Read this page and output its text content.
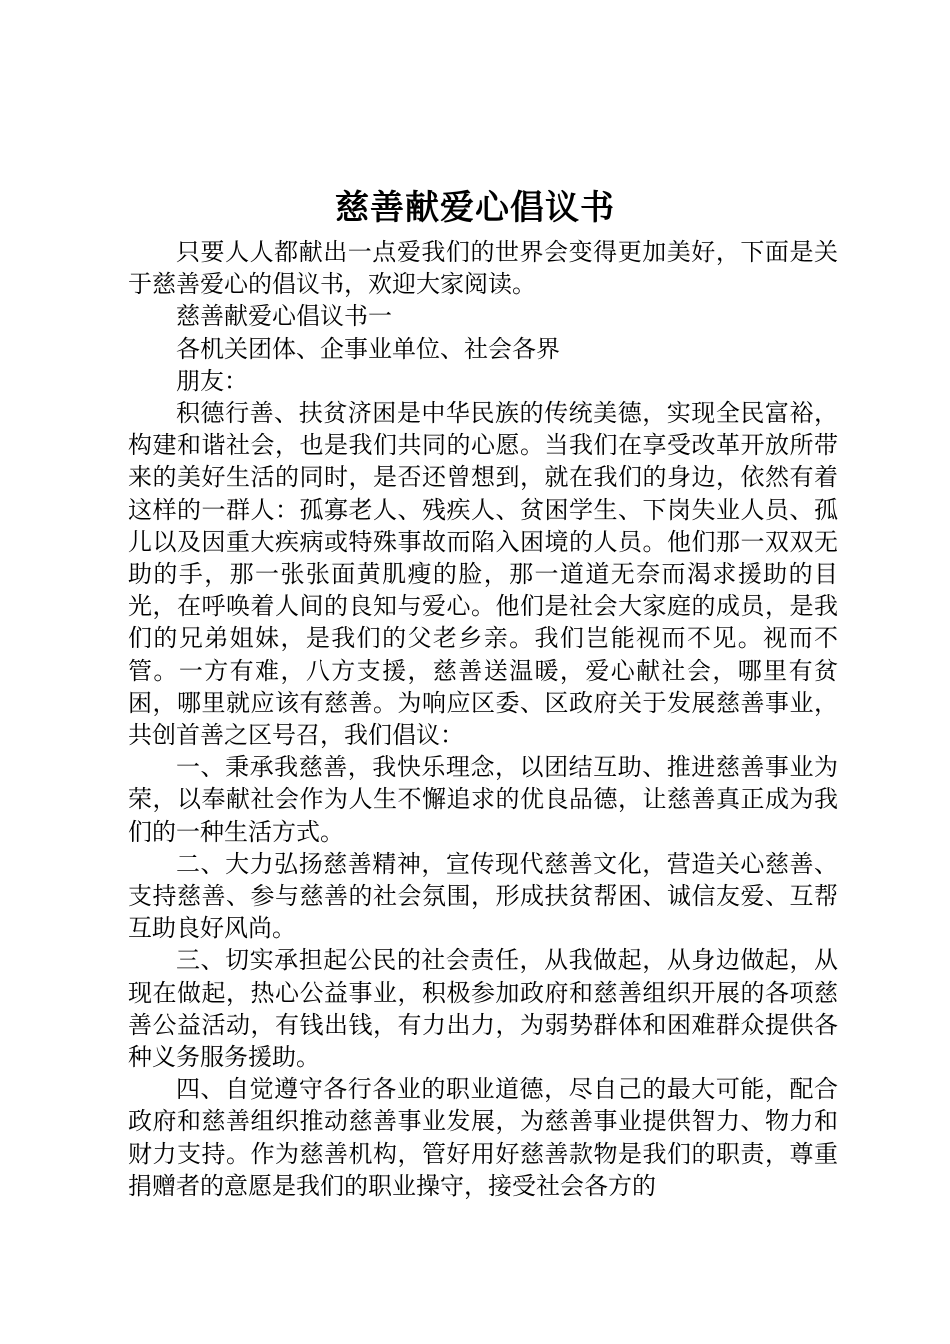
慈善献爱心倡议书

只要人人都献出一点爱我们的世界会变得更加美好，下面是关于慈善爱心的倡议书，欢迎大家阅读。

慈善献爱心倡议书一

各机关团体、企事业单位、社会各界

朋友：

积德行善、扶贫济困是中华民族的传统美德，实现全民富裕，构建和谐社会，也是我们共同的心愿。当我们在享受改革开放所带来的美好生活的同时，是否还曾想到，就在我们的身边，依然有着这样的一群人：孤寡老人、残疾人、贫困学生、下岗失业人员、孤儿以及因重大疾病或特殊事故而陷入困境的人员。他们那一双双无助的手，那一张张面黄肌瘦的脸，那一道道无奈而渴求援助的目光，在呼唤着人间的良知与爱心。他们是社会大家庭的成员，是我们的兄弟姐妹，是我们的父老乡亲。我们岂能视而不见。视而不管。一方有难，八方支援，慈善送温暖，爱心献社会，哪里有贫困，哪里就应该有慈善。为响应区委、区政府关于发展慈善事业，共创首善之区号召，我们倡议：

一、秉承我慈善，我快乐理念，以团结互助、推进慈善事业为荣，以奉献社会作为人生不懈追求的优良品德，让慈善真正成为我们的一种生活方式。

二、大力弘扬慈善精神，宣传现代慈善文化，营造关心慈善、支持慈善、参与慈善的社会氛围，形成扶贫帮困、诚信友爱、互帮互助良好风尚。

三、切实承担起公民的社会责任，从我做起，从身边做起，从现在做起，热心公益事业，积极参加政府和慈善组织开展的各项慈善公益活动，有钱出钱，有力出力，为弱势群体和困难群众提供各种义务服务援助。

四、自觉遵守各行各业的职业道德，尽自己的最大可能，配合政府和慈善组织推动慈善事业发展，为慈善事业提供智力、物力和财力支持。作为慈善机构，管好用好慈善款物是我们的职责，尊重捐赠者的意愿是我们的职业操守，接受社会各方的
